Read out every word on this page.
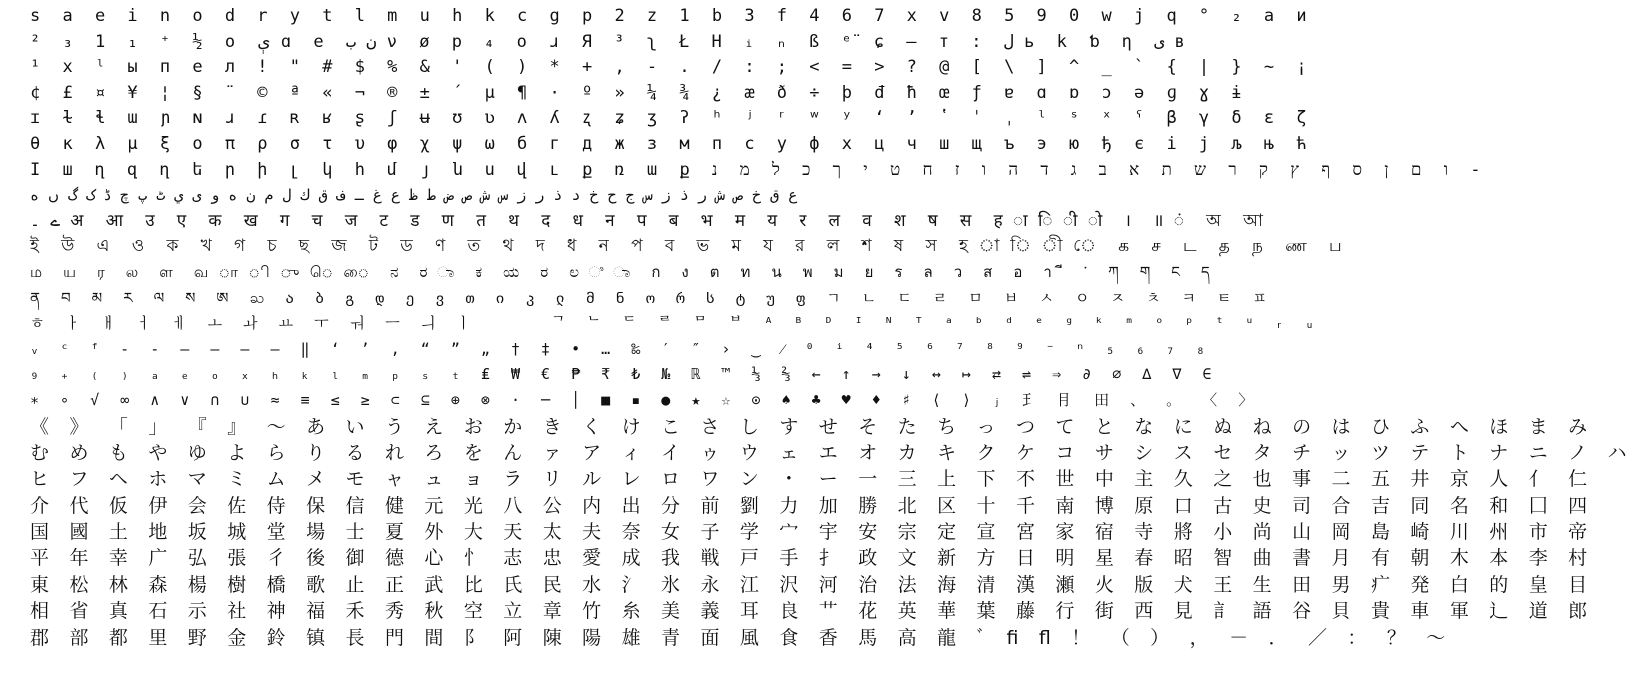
s a e i n o d r y t l m u h k c g p 2 z 1 b 3 f 4 6 7 x v 8 5 9 0 w j q ° ₂ a и
² ₃ 1 ₁ ⁺ ½ o ې ɑ e ن ب ν ø p ₄ o ɹ Я ³ ʅ Ł H ᵢ ₙ ß ᵉ̈ ɕ – т : ل ь k ƅ η ى в
¹ x ˡ ы п е л ! " # $ % & ' ( ) * + , - . / : ; < = > ? @ [ \ ] ^ _ ` { | } ~ ¡
¢ £ ¤ ¥ ¦ § ¨ © ª « ¬ ® ± ´ µ ¶ · º » ¼ ¾ ¿ æ ð ÷ þ đ ħ œ ƒ ɐ ɑ ɒ ɔ ə ɡ ɣ ɨ
ɪ ɫ ɬ ɯ ɲ ɴ ɹ ɾ ʀ ʁ ʂ ʃ ʉ ʊ ʋ ʌ ʎ ʐ ʑ ʒ ʔ ʰ ʲ ʳ ʷ ʸ ʻ ʼ ʽ ˈ ˌ ˡ ˢ ˣ ˤ β γ δ ε ζ
θ κ λ μ ξ ο π ρ σ τ υ φ χ ψ ω б г д ж з м п с у ф х ц ч ш щ ъ э ю ђ є і ј љ њ ћ
Ӏ ш ղ զ ղ ե ր ի լ կ հ մ յ ն ս վ ւ ք ռ ա ք ו ם ן ס ף ץ ק ר ש ת א ב ג ד ה ו ז ח ט י ך כ ל מ נ -
ﻉ ﻕ ﺥ ﺹ ﺵ ﺭ ﺫ ﺯ ﺱ ﺝ ﺡ ﺥ ﺩ ذ ﺭ ﺯ ﺱ ﺵ ﺹ ﺽ ﻁ ﻅ ﻉ ﻍ ـ ﻑ ﻕ ﻙ ﻝ ﻡ ﻥ ﻩ ﻭ ﻯ ﻱ ٹ پ چ ڈ ک گ ں ه
ے ۔ अ आ उ ए क ख ग च ज ट ड ण त थ द ध न प ब भ म य र ल व श ष स ह ा ि ी ो । ॥ ं অ আ
ই উ এ ও ক খ গ চ ছ জ ট ড ণ ত থ দ ধ ন প ব ভ ম য র ল শ ষ স হ া ি ী ে க ச ட த ந ண ப
ம ய ர ல ள வ ா ி ு ெ ை ನ ರ ಾ ಕ ಯ ರ ಲ ಿ ಾ ก ง ต ท น พ ม ย ร ล ว ส อ า ี ་ ཀ ག ང ད
ན བ མ ར ལ ས ཨ ႀ ა ბ გ დ ე ვ თ ი კ ლ მ ნ ო რ ს ტ უ ფ ㄱ ㄴ ㄷ ㄹ ㅁ ㅂ ㅅ ㅇ ㅈ ㅊ ㅋ ㅌ ㅍ
ㅎ ㅏ ㅐ ㅓ ㅔ ㅗ ㅘ ㅛ ㅜ ㅝ ㅡ ㅢ ㅣ ᅟ ᅠ ᄀ ᄂ ᄃ ᄅ ᄆ ᄇ ᴬ ᴮ ᴰ ᴵ ᴺ ᵀ ᵃ ᵇ ᵈ ᵉ ᵍ ᵏ ᵐ ᵒ ᵖ ᵗ ᵘ ᵣ ᵤ
ᵥ ᶜ ᶠ ‐ ‑ ‒ – — ― ‖ ‘ ’ ‚ “ ” „ † ‡ • … ‰ ′ ″ › ‿ ⁄ ⁰ ⁱ ⁴ ⁵ ⁶ ⁷ ⁸ ⁹ ⁻ ⁿ ₅ ₆ ₇ ₈
₉ ₊ ₍ ₎ ₐ ₑ ₒ ₓ ₕ ₖ ₗ ₘ ₚ ₛ ₜ ₤ ₩ € ₱ ₹ ₺ № ℝ ™ ⅓ ⅔ ← ↑ → ↓ ↔ ↦ ⇄ ⇌ ⇒ ∂ ∅ ∆ ∇ ∈
∗ ∘ √ ∞ ∧ ∨ ∩ ∪ ≈ ≡ ≤ ≥ ⊂ ⊆ ⊕ ⊗ ⋅ ─ │ ■ ▪ ● ★ ☆ ⊙ ♠ ♣ ♥ ♦ ♯ ⟨ ⟩ ⱼ ⺩ ⺝ ⽥ 、 。 〈 〉
《 》 「 」 『 』 〜 あ い う え お か き く け こ さ し す せ そ た ち っ つ て と な に ぬ ね の は ひ ふ へ ほ ま み
む め も や ゆ よ ら り る れ ろ を ん ァ ア ィ イ ゥ ウ ェ エ オ カ キ ク ケ コ サ シ ス セ タ チ ッ ツ テ ト ナ ニ ノ ハ
ヒ フ ヘ ホ マ ミ ム メ モ ャ ュ ョ ラ リ ル レ ロ ワ ン ・ ー 一 三 上 下 不 世 中 主 久 之 也 事 二 五 井 京 人 亻 仁
介 代 仮 伊 会 佐 侍 保 信 健 元 光 八 公 内 出 分 前 劉 力 加 勝 北 区 十 千 南 博 原 口 古 史 司 合 吉 同 名 和 囗 四
国 國 土 地 坂 城 堂 場 士 夏 外 大 天 太 夫 奈 女 子 学 宀 宇 安 宗 定 宣 宮 家 宿 寺 將 小 尚 山 岡 島 崎 川 州 市 帝
平 年 幸 广 弘 張 彳 後 御 德 心 忄 志 忠 愛 成 我 戦 戸 手 扌 政 文 新 方 日 明 星 春 昭 智 曲 書 月 有 朝 木 本 李 村
東 松 林 森 楊 樹 橋 歌 止 正 武 比 氏 民 水 氵 氷 永 江 沢 河 治 法 海 清 漢 瀬 火 版 犬 王 生 田 男 疒 発 白 的 皇 目
相 省 真 石 示 社 神 福 禾 秀 秋 空 立 章 竹 糸 美 義 耳 良 艹 花 英 華 葉 藤 行 街 西 見 訁 語 谷 貝 貴 車 軍 辶 道 郎
郡 部 都 里 野 金 鈴 镇 長 門 間 阝 阿 陳 陽 雄 青 面 風 食 香 馬 高 龍 ﾞ ﬁ ﬂ ！ （ ） ， － ． ／ ： ？ ～
